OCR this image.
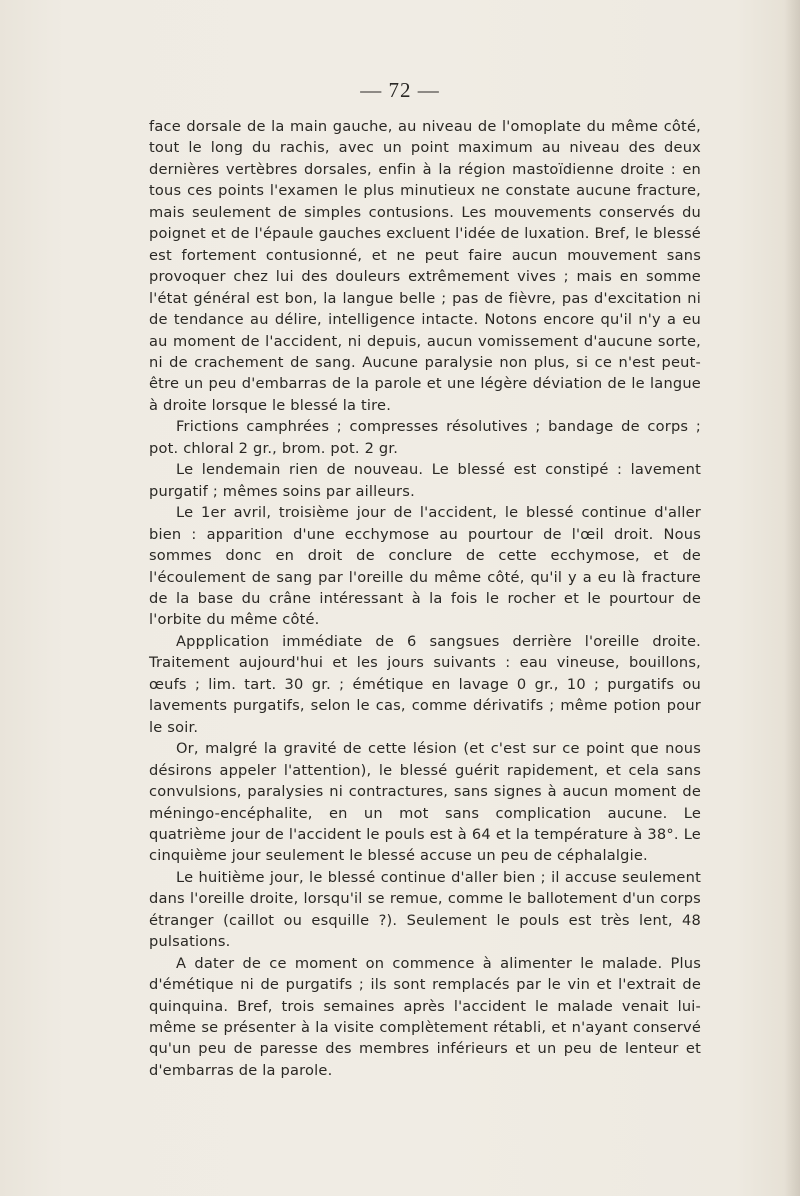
— 72 —

face dorsale de la main gauche, au niveau de l'omoplate du même côté, tout le long du rachis, avec un point maximum au niveau des deux dernières vertèbres dorsales, enfin à la région mastoïdienne droite : en tous ces points l'examen le plus minutieux ne constate aucune fracture, mais seulement de simples contusions. Les mouvements conservés du poignet et de l'épaule gauches excluent l'idée de luxation. Bref, le blessé est fortement contusionné, et ne peut faire aucun mouvement sans provoquer chez lui des douleurs extrêmement vives ; mais en somme l'état général est bon, la langue belle ; pas de fièvre, pas d'excitation ni de tendance au délire, intelligence intacte. Notons encore qu'il n'y a eu au moment de l'accident, ni depuis, aucun vomissement d'aucune sorte, ni de crachement de sang. Aucune paralysie non plus, si ce n'est peut-être un peu d'embarras de la parole et une légère déviation de le langue à droite lorsque le blessé la tire.

Frictions camphrées ; compresses résolutives ; bandage de corps ; pot. chloral 2 gr., brom. pot. 2 gr.

Le lendemain rien de nouveau. Le blessé est constipé : lavement purgatif ; mêmes soins par ailleurs.

Le 1er avril, troisième jour de l'accident, le blessé continue d'aller bien : apparition d'une ecchymose au pourtour de l'œil droit. Nous sommes donc en droit de conclure de cette ecchymose, et de l'écoulement de sang par l'oreille du même côté, qu'il y a eu là fracture de la base du crâne intéressant à la fois le rocher et le pourtour de l'orbite du même côté.

Appplication immédiate de 6 sangsues derrière l'oreille droite. Traitement aujourd'hui et les jours suivants : eau vineuse, bouillons, œufs ; lim. tart. 30 gr. ; émétique en lavage 0 gr., 10 ; purgatifs ou lavements purgatifs, selon le cas, comme dérivatifs ; même potion pour le soir.

Or, malgré la gravité de cette lésion (et c'est sur ce point que nous désirons appeler l'attention), le blessé guérit rapidement, et cela sans convulsions, paralysies ni contractures, sans signes à aucun moment de méningo-encéphalite, en un mot sans complication aucune. Le quatrième jour de l'accident le pouls est à 64 et la température à 38°. Le cinquième jour seulement le blessé accuse un peu de céphalalgie.

Le huitième jour, le blessé continue d'aller bien ; il accuse seulement dans l'oreille droite, lorsqu'il se remue, comme le ballotement d'un corps étranger (caillot ou esquille ?). Seulement le pouls est très lent, 48 pulsations.

A dater de ce moment on commence à alimenter le malade. Plus d'émétique ni de purgatifs ; ils sont remplacés par le vin et l'extrait de quinquina. Bref, trois semaines après l'accident le malade venait lui-même se présenter à la visite complètement rétabli, et n'ayant conservé qu'un peu de paresse des membres inférieurs et un peu de lenteur et d'embarras de la parole.
